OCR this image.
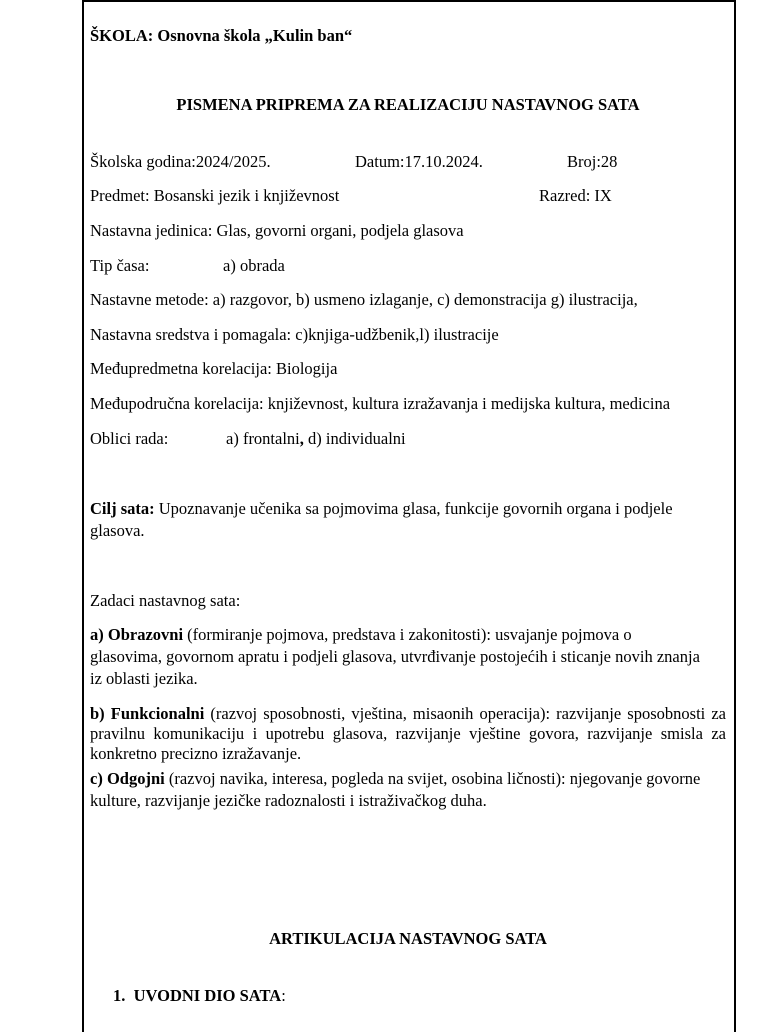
ŠKOLA: Osnovna škola „Kulin ban“
PISMENA PRIPREMA ZA REALIZACIJU NASTAVNOG SATA
Školska godina:2024/2025.	Datum:17.10.2024.	Broj:28
Predmet: Bosanski jezik i književnost	Razred: IX
Nastavna jedinica: Glas, govorni organi, podjela glasova
Tip časa:	a) obrada
Nastavne metode: a) razgovor, b) usmeno izlaganje, c) demonstracija g) ilustracija,
Nastavna sredstva i pomagala: c)knjiga-udžbenik,l) ilustracije
Međupredmetna korelacija: Biologija
Međupodručna korelacija: književnost, kultura izražavanja i medijska kultura, medicina
Oblici rada:	a) frontalni, d) individualni
Cilj sata: Upoznavanje učenika sa pojmovima glasa, funkcije govornih organa i podjele glasova.
Zadaci nastavnog sata:
a) Obrazovni (formiranje pojmova, predstava i zakonitosti): usvajanje pojmova o glasovima, govornom apratu i podjeli glasova, utvrđivanje postojećih i sticanje novih znanja iz oblasti jezika.
b) Funkcionalni (razvoj sposobnosti, vještina, misaonih operacija): razvijanje sposobnosti za pravilnu komunikaciju i upotrebu glasova, razvijanje vještine govora, razvijanje smisla za konkretno precizno izražavanje.
c) Odgojni (razvoj navika, interesa, pogleda na svijet, osobina ličnosti): njegovanje govorne kulture, razvijanje jezičke radoznalosti i istraživačkog duha.
ARTIKULACIJA NASTAVNOG SATA
1. UVODNI DIO SATA:
